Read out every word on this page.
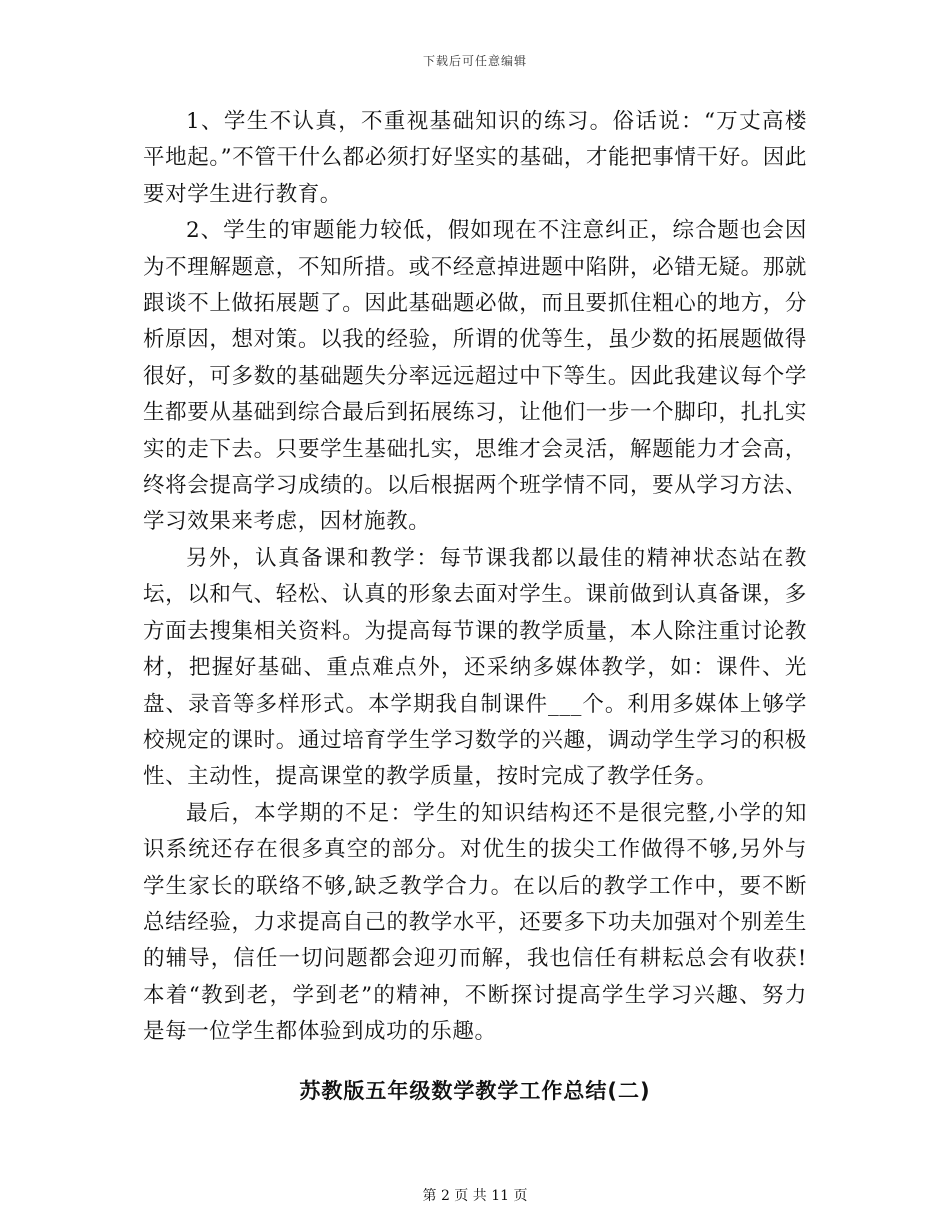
下载后可任意编辑

1、学生不认真，不重视基础知识的练习。俗话说：“万丈高楼平地起。”不管干什么都必须打好坚实的基础，才能把事情干好。因此要对学生进行教育。

2、学生的审题能力较低，假如现在不注意纠正，综合题也会因为不理解题意，不知所措。或不经意掉进题中陷阱，必错无疑。那就跟谈不上做拓展题了。因此基础题必做，而且要抓住粗心的地方，分析原因，想对策。以我的经验，所谓的优等生，虽少数的拓展题做得很好，可多数的基础题失分率远远超过中下等生。因此我建议每个学生都要从基础到综合最后到拓展练习，让他们一步一个脚印，扎扎实实的走下去。只要学生基础扎实，思维才会灵活，解题能力才会高，终将会提高学习成绩的。以后根据两个班学情不同，要从学习方法、学习效果来考虑，因材施教。

另外，认真备课和教学：每节课我都以最佳的精神状态站在教坛，以和气、轻松、认真的形象去面对学生。课前做到认真备课，多方面去搜集相关资料。为提高每节课的教学质量，本人除注重讨论教材，把握好基础、重点难点外，还采纳多媒体教学，如：课件、光盘、录音等多样形式。本学期我自制课件___个。利用多媒体上够学校规定的课时。通过培育学生学习数学的兴趣，调动学生学习的积极性、主动性，提高课堂的教学质量，按时完成了教学任务。

最后，本学期的不足：学生的知识结构还不是很完整,小学的知识系统还存在很多真空的部分。对优生的拔尖工作做得不够,另外与学生家长的联络不够,缺乏教学合力。在以后的教学工作中，要不断总结经验，力求提高自己的教学水平，还要多下功夫加强对个别差生的辅导，信任一切问题都会迎刃而解，我也信任有耕耘总会有收获!本着“教到老，学到老”的精神，不断探讨提高学生学习兴趣、努力是每一位学生都体验到成功的乐趣。

苏教版五年级数学教学工作总结(二)
第 2 页 共 11 页
